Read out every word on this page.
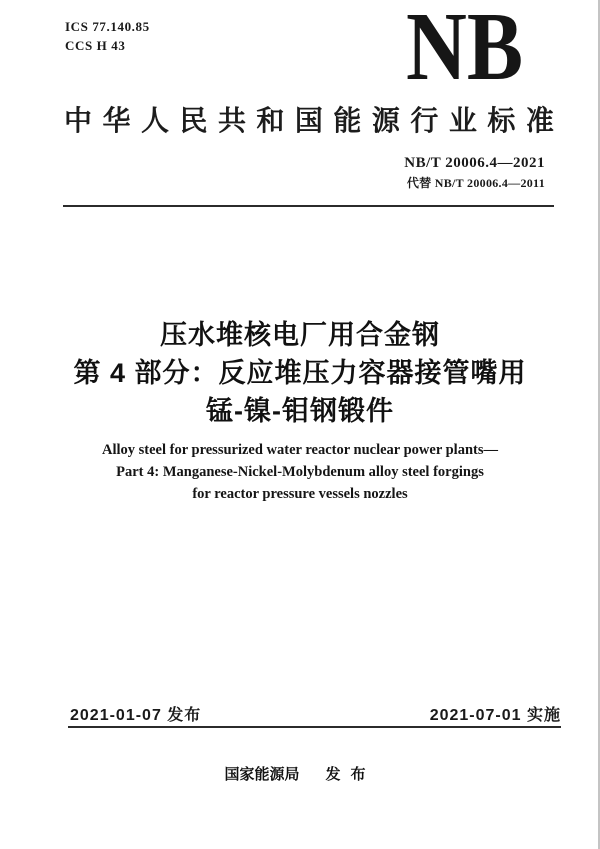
ICS 77.140.85
CCS H 43	NB
中 华 人 民 共 和 国 能 源 行 业 标 准
NB/T 20006.4—2021
代替 NB/T 20006.4—2011
压水堆核电厂用合金钢
第 4 部分：反应堆压力容器接管嘴用
锰-镍-钼钢锻件
Alloy steel for pressurized water reactor nuclear power plants—
Part 4: Manganese-Nickel-Molybdenum alloy steel forgings
for reactor pressure vessels nozzles
2021-01-07 发布	2021-07-01 实施
国家能源局 发布
